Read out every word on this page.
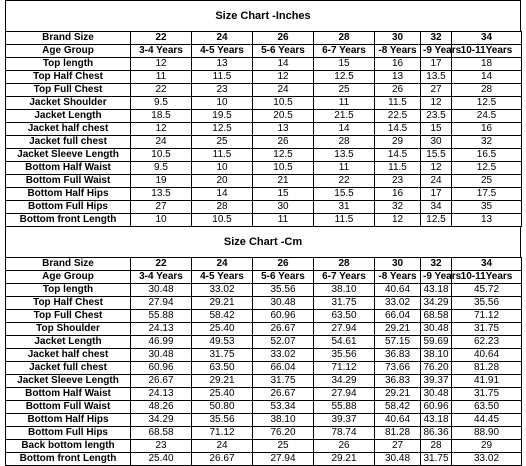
Size Chart -Inches
Brand Size	22	24	26	28	30	32	34
Age Group	3-4 Years	4-5 Years	5-6 Years	6-7 Years	-8 Years	-9 Years	10-11Years
Top length	12	13	14	15	16	17	18
Top Half Chest	11	11.5	12	12.5	13	13.5	14
Top Full Chest	22	23	24	25	26	27	28
Jacket Shoulder	9.5	10	10.5	11	11.5	12	12.5
Jacket Length	18.5	19.5	20.5	21.5	22.5	23.5	24.5
Jacket half chest	12	12.5	13	14	14.5	15	16
Jacket full chest	24	25	26	28	29	30	32
Jacket Sleeve Length	10.5	11.5	12.5	13.5	14.5	15.5	16.5
Bottom Half Waist	9.5	10	10.5	11	11.5	12	12.5
Bottom Full Waist	19	20	21	22	23	24	25
Bottom Half Hips	13.5	14	15	15.5	16	17	17.5
Bottom Full Hips	27	28	30	31	32	34	35
Bottom front Length	10	10.5	11	11.5	12	12.5	13
Size Chart -Cm
Brand Size	22	24	26	28	30	32	34
Age Group	3-4 Years	4-5 Years	5-6 Years	6-7 Years	-8 Years	-9 Years	10-11Years
Top length	30.48	33.02	35.56	38.10	40.64	43.18	45.72
Top Half Chest	27.94	29.21	30.48	31.75	33.02	34.29	35.56
Top Full Chest	55.88	58.42	60.96	63.50	66.04	68.58	71.12
Top Shoulder	24.13	25.40	26.67	27.94	29.21	30.48	31.75
Jacket Length	46.99	49.53	52.07	54.61	57.15	59.69	62.23
Jacket half chest	30.48	31.75	33.02	35.56	36.83	38.10	40.64
Jacket full chest	60.96	63.50	66.04	71.12	73.66	76.20	81.28
Jacket Sleeve Length	26.67	29.21	31.75	34.29	36.83	39.37	41.91
Bottom Half Waist	24.13	25.40	26.67	27.94	29.21	30.48	31.75
Bottom Full Waist	48.26	50.80	53.34	55.88	58.42	60.96	63.50
Bottom Half Hips	34.29	35.56	38.10	39.37	40.64	43.18	44.45
Bottom Full Hips	68.58	71.12	76.20	78.74	81.28	86.36	88.90
Back bottom length	23	24	25	26	27	28	29
Bottom front Length	25.40	26.67	27.94	29.21	30.48	31.75	33.02
